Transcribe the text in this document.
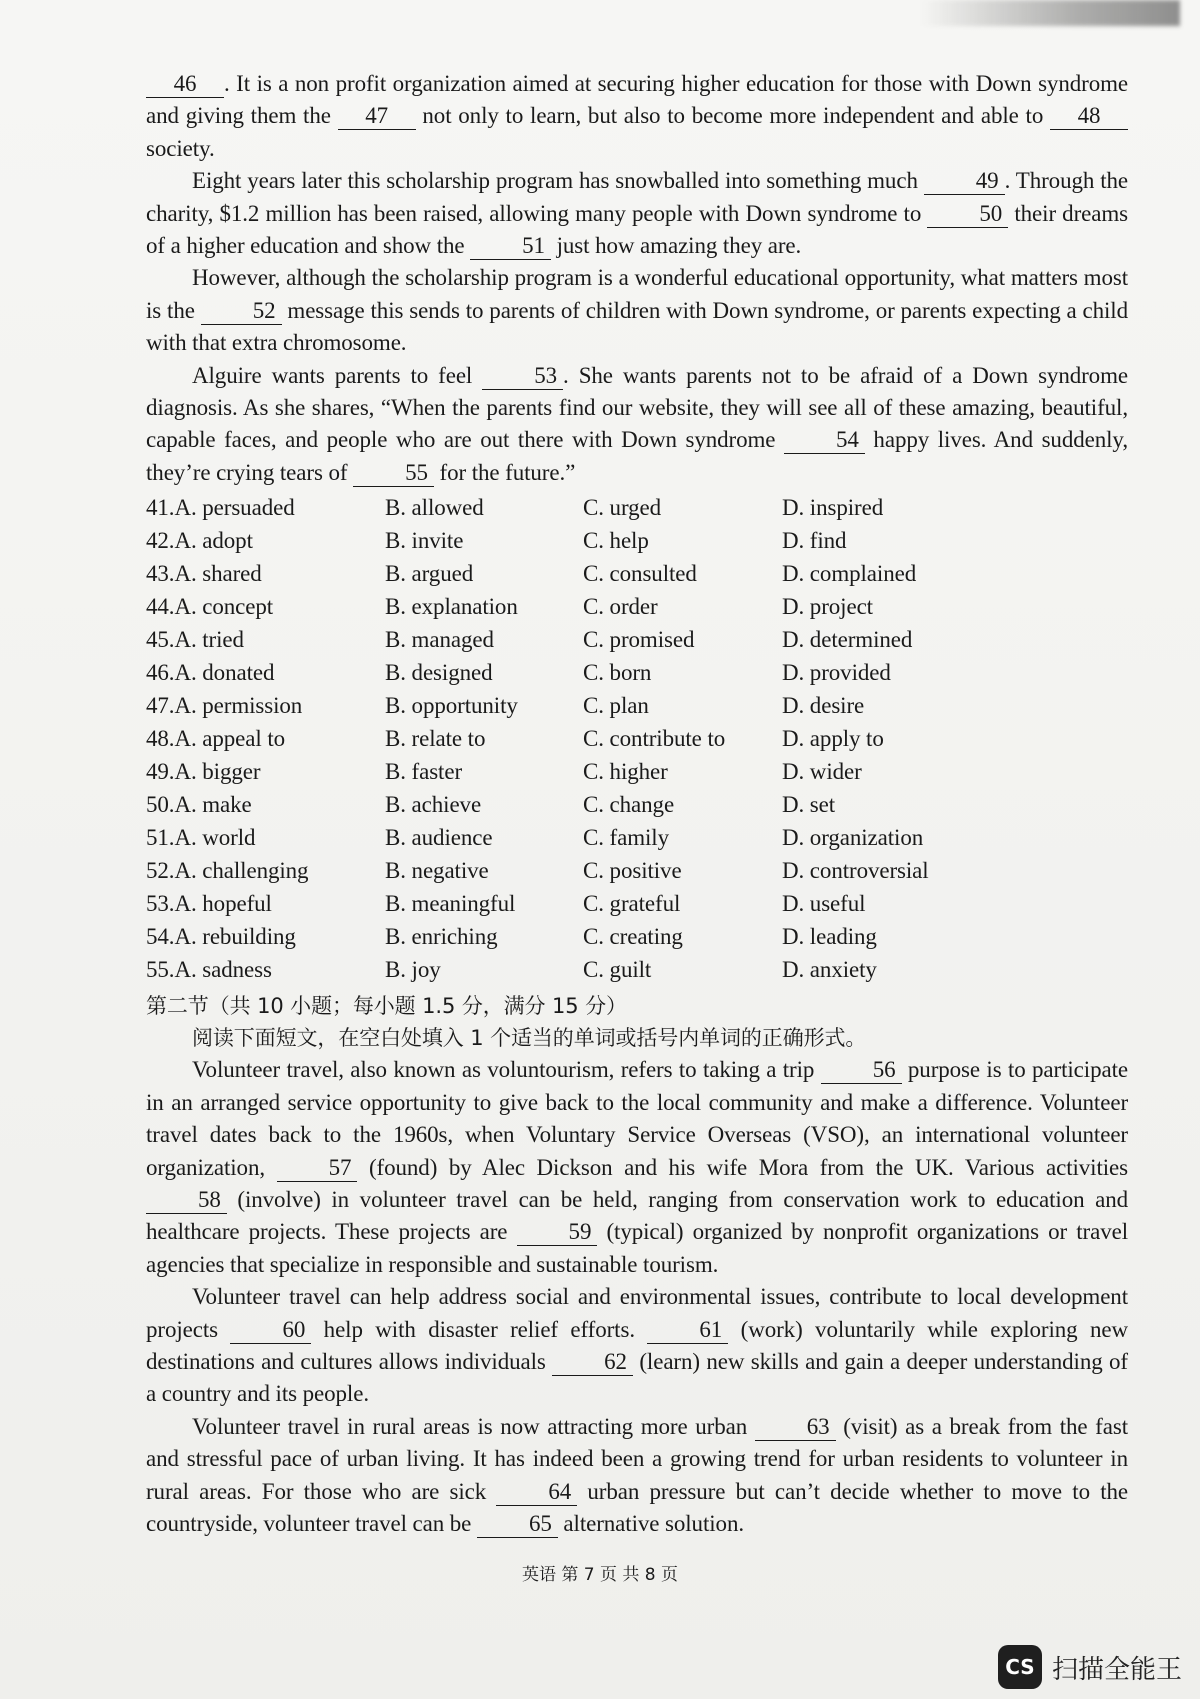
46 . It is a non profit organization aimed at securing higher education for those with Down syndrome and giving them the 47 not only to learn, but also to become more independent and able to 48 society.

Eight years later this scholarship program has snowballed into something much 49 . Through the charity, $1.2 million has been raised, allowing many people with Down syndrome to 50 their dreams of a higher education and show the 51 just how amazing they are.

However, although the scholarship program is a wonderful educational opportunity, what matters most is the 52 message this sends to parents of children with Down syndrome, or parents expecting a child with that extra chromosome.

Alguire wants parents to feel 53 . She wants parents not to be afraid of a Down syndrome diagnosis. As she shares, “When the parents find our website, they will see all of these amazing, beautiful, capable faces, and people who are out there with Down syndrome 54 happy lives. And suddenly, they’re crying tears of 55 for the future.”

41.A. persuaded	B. allowed	C. urged	D. inspired
42.A. adopt	B. invite	C. help	D. find
43.A. shared	B. argued	C. consulted	D. complained
44.A. concept	B. explanation	C. order	D. project
45.A. tried	B. managed	C. promised	D. determined
46.A. donated	B. designed	C. born	D. provided
47.A. permission	B. opportunity	C. plan	D. desire
48.A. appeal to	B. relate to	C. contribute to	D. apply to
49.A. bigger	B. faster	C. higher	D. wider
50.A. make	B. achieve	C. change	D. set
51.A. world	B. audience	C. family	D. organization
52.A. challenging	B. negative	C. positive	D. controversial
53.A. hopeful	B. meaningful	C. grateful	D. useful
54.A. rebuilding	B. enriching	C. creating	D. leading
55.A. sadness	B. joy	C. guilt	D. anxiety

第二节（共 10 小题；每小题 1.5 分，满分 15 分）

阅读下面短文，在空白处填入 1 个适当的单词或括号内单词的正确形式。

Volunteer travel, also known as voluntourism, refers to taking a trip 56 purpose is to participate in an arranged service opportunity to give back to the local community and make a difference. Volunteer travel dates back to the 1960s, when Voluntary Service Overseas (VSO), an international volunteer organization, 57 (found) by Alec Dickson and his wife Mora from the UK. Various activities 58 (involve) in volunteer travel can be held, ranging from conservation work to education and healthcare projects. These projects are 59 (typical) organized by nonprofit organizations or travel agencies that specialize in responsible and sustainable tourism.

Volunteer travel can help address social and environmental issues, contribute to local development projects 60 help with disaster relief efforts. 61 (work) voluntarily while exploring new destinations and cultures allows individuals 62 (learn) new skills and gain a deeper understanding of a country and its people.

Volunteer travel in rural areas is now attracting more urban 63 (visit) as a break from the fast and stressful pace of urban living. It has indeed been a growing trend for urban residents to volunteer in rural areas. For those who are sick 64 urban pressure but can’t decide whether to move to the countryside, volunteer travel can be 65 alternative solution.

英语 第 7 页 共 8 页
CS 扫描全能王
